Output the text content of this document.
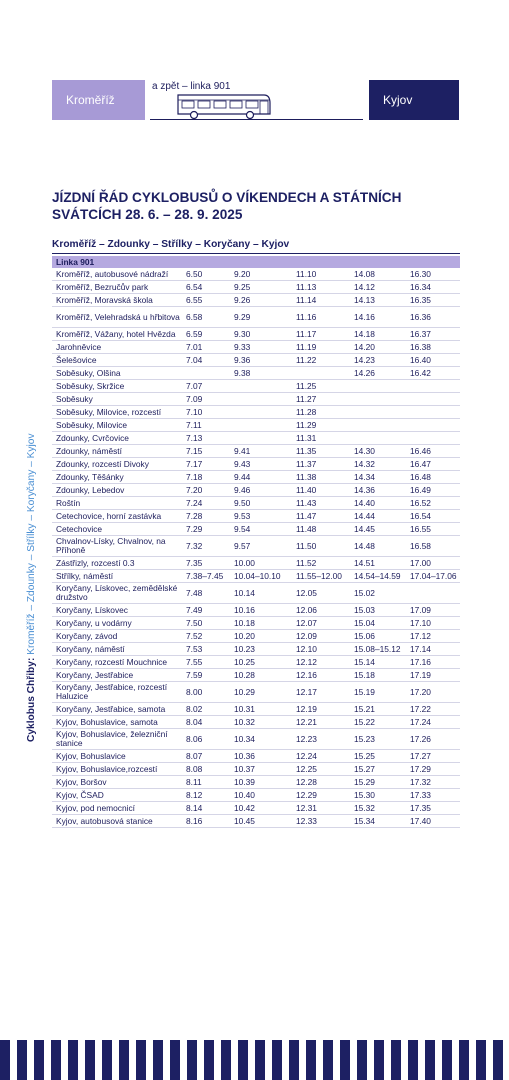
Kroměříž
a zpět – linka 901
Kyjov
JÍZDNÍ ŘÁD CYKLOBUSŮ O VÍKENDECH A STÁTNÍCH SVÁTCÍCH 28. 6. – 28. 9. 2025
Kroměříž – Zdounky – Střílky – Koryčany – Kyjov
Cyklobus Chřiby: Kroměříž – Zdounky – Střílky – Koryčany – Kyjov
Linka 901					
Kroměříž, autobusové nádraží	6.50	9.20	11.10	14.08	16.30
Kroměříž, Bezručův park	6.54	9.25	11.13	14.12	16.34
Kroměříž, Moravská škola	6.55	9.26	11.14	14.13	16.35
Kroměříž, Velehradská u hřbitova	6.58	9.29	11.16	14.16	16.36
Kroměříž, Vážany, hotel Hvězda	6.59	9.30	11.17	14.18	16.37
Jarohněvice	7.01	9.33	11.19	14.20	16.38
Šelešovice	7.04	9.36	11.22	14.23	16.40
Soběsuky, Olšina		9.38		14.26	16.42
Soběsuky, Skržice	7.07		11.25		
Soběsuky	7.09		11.27		
Soběsuky, Milovice, rozcestí	7.10		11.28		
Soběsuky, Milovice	7.11		11.29		
Zdounky, Cvrčovice	7.13		11.31		
Zdounky, náměstí	7.15	9.41	11.35	14.30	16.46
Zdounky, rozcestí Divoky	7.17	9.43	11.37	14.32	16.47
Zdounky, Těšánky	7.18	9.44	11.38	14.34	16.48
Zdounky, Lebedov	7.20	9.46	11.40	14.36	16.49
Roštín	7.24	9.50	11.43	14.40	16.52
Cetechovice, horní zastávka	7.28	9.53	11.47	14.44	16.54
Cetechovice	7.29	9.54	11.48	14.45	16.55
Chvalnov-Lísky, Chvalnov, na Příhoně	7.32	9.57	11.50	14.48	16.58
Zástřizly, rozcestí 0.3	7.35	10.00	11.52	14.51	17.00
Střílky, náměstí	7.38–7.45	10.04–10.10	11.55–12.00	14.54–14.59	17.04–17.06
Koryčany, Lískovec, zemědělské družstvo	7.48	10.14	12.05	15.02	
Koryčany, Lískovec	7.49	10.16	12.06	15.03	17.09
Koryčany, u vodárny	7.50	10.18	12.07	15.04	17.10
Koryčany, závod	7.52	10.20	12.09	15.06	17.12
Koryčany, náměstí	7.53	10.23	12.10	15.08–15.12	17.14
Koryčany, rozcestí Mouchnice	7.55	10.25	12.12	15.14	17.16
Koryčany, Jestřabice	7.59	10.28	12.16	15.18	17.19
Koryčany, Jestřabice, rozcestí Haluzice	8.00	10.29	12.17	15.19	17.20
Koryčany, Jestřabice, samota	8.02	10.31	12.19	15.21	17.22
Kyjov, Bohuslavice, samota	8.04	10.32	12.21	15.22	17.24
Kyjov, Bohuslavice, železniční stanice	8.06	10.34	12.23	15.23	17.26
Kyjov, Bohuslavice	8.07	10.36	12.24	15.25	17.27
Kyjov, Bohuslavice,rozcestí	8.08	10.37	12.25	15.27	17.29
Kyjov, Boršov	8.11	10.39	12.28	15.29	17.32
Kyjov, ČSAD	8.12	10.40	12.29	15.30	17.33
Kyjov, pod nemocnicí	8.14	10.42	12.31	15.32	17.35
Kyjov, autobusová stanice	8.16	10.45	12.33	15.34	17.40
